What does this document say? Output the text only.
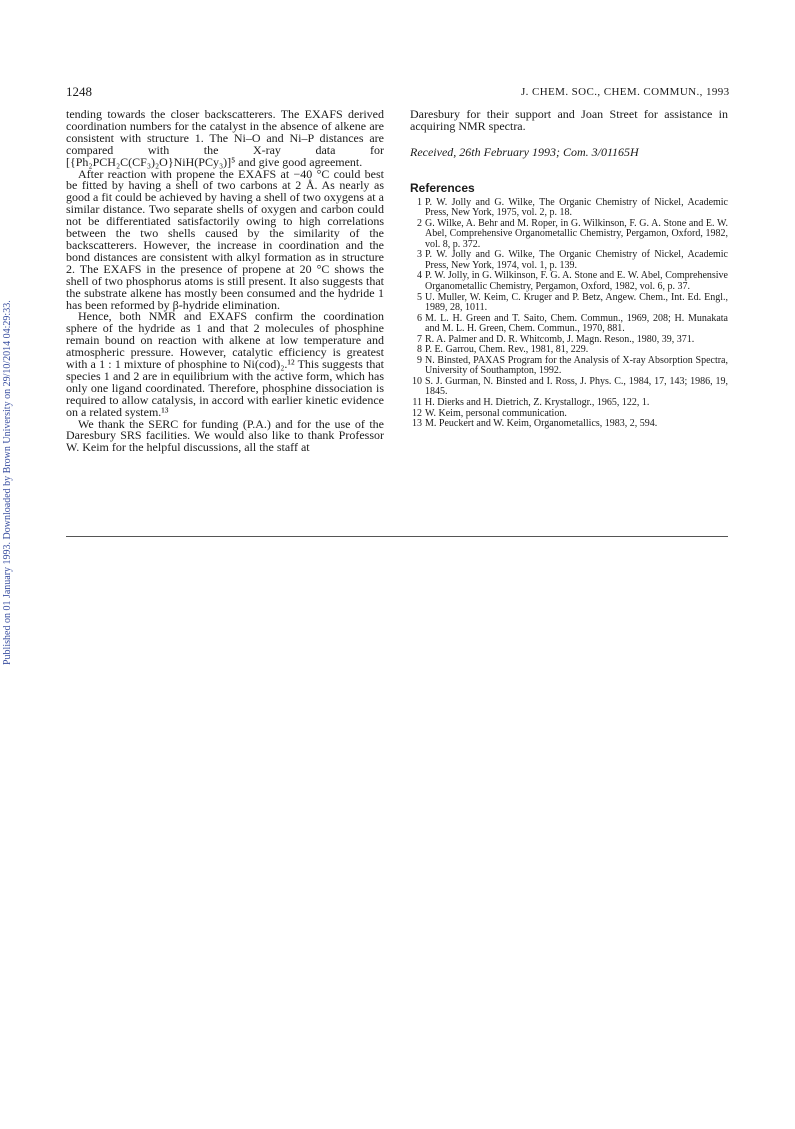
Published on 01 January 1993. Downloaded by Brown University on 29/10/2014 04:29:33.
1248	J. CHEM. SOC., CHEM. COMMUN., 1993

tending towards the closer backscatterers. The EXAFS derived coordination numbers for the catalyst in the absence of alkene are consistent with structure 1. The Ni–O and Ni–P distances are compared with the X-ray data for [{Ph₂PCH₂C(CF₃)₂O}NiH(PCy₃)]⁵ and give good agreement.

After reaction with propene the EXAFS at −40 °C could best be fitted by having a shell of two carbons at 2 Å. As nearly as good a fit could be achieved by having a shell of two oxygens at a similar distance. Two separate shells of oxygen and carbon could not be differentiated satisfactorily owing to high correlations between the two shells caused by the similarity of the backscatterers. However, the increase in coordination and the bond distances are consistent with alkyl formation as in structure 2. The EXAFS in the presence of propene at 20 °C shows the shell of two phosphorus atoms is still present. It also suggests that the substrate alkene has mostly been consumed and the hydride 1 has been reformed by β-hydride elimination.

Hence, both NMR and EXAFS confirm the coordination sphere of the hydride as 1 and that 2 molecules of phosphine remain bound on reaction with alkene at low temperature and atmospheric pressure. However, catalytic efficiency is greatest with a 1 : 1 mixture of phosphine to Ni(cod)₂.¹² This suggests that species 1 and 2 are in equilibrium with the active form, which has only one ligand coordinated. Therefore, phosphine dissociation is required to allow catalysis, in accord with earlier kinetic evidence on a related system.¹³

We thank the SERC for funding (P.A.) and for the use of the Daresbury SRS facilities. We would also like to thank Professor W. Keim for the helpful discussions, all the staff at

Daresbury for their support and Joan Street for assistance in acquiring NMR spectra.

Received, 26th February 1993; Com. 3/01165H
References
1 P. W. Jolly and G. Wilke, The Organic Chemistry of Nickel, Academic Press, New York, 1975, vol. 2, p. 18.
2 G. Wilke, A. Behr and M. Roper, in G. Wilkinson, F. G. A. Stone and E. W. Abel, Comprehensive Organometallic Chemistry, Pergamon, Oxford, 1982, vol. 8, p. 372.
3 P. W. Jolly and G. Wilke, The Organic Chemistry of Nickel, Academic Press, New York, 1974, vol. 1, p. 139.
4 P. W. Jolly, in G. Wilkinson, F. G. A. Stone and E. W. Abel, Comprehensive Organometallic Chemistry, Pergamon, Oxford, 1982, vol. 6, p. 37.
5 U. Muller, W. Keim, C. Kruger and P. Betz, Angew. Chem., Int. Ed. Engl., 1989, 28, 1011.
6 M. L. H. Green and T. Saito, Chem. Commun., 1969, 208; H. Munakata and M. L. H. Green, Chem. Commun., 1970, 881.
7 R. A. Palmer and D. R. Whitcomb, J. Magn. Reson., 1980, 39, 371.
8 P. E. Garrou, Chem. Rev., 1981, 81, 229.
9 N. Binsted, PAXAS Program for the Analysis of X-ray Absorption Spectra, University of Southampton, 1992.
10 S. J. Gurman, N. Binsted and I. Ross, J. Phys. C., 1984, 17, 143; 1986, 19, 1845.
11 H. Dierks and H. Dietrich, Z. Krystallogr., 1965, 122, 1.
12 W. Keim, personal communication.
13 M. Peuckert and W. Keim, Organometallics, 1983, 2, 594.
